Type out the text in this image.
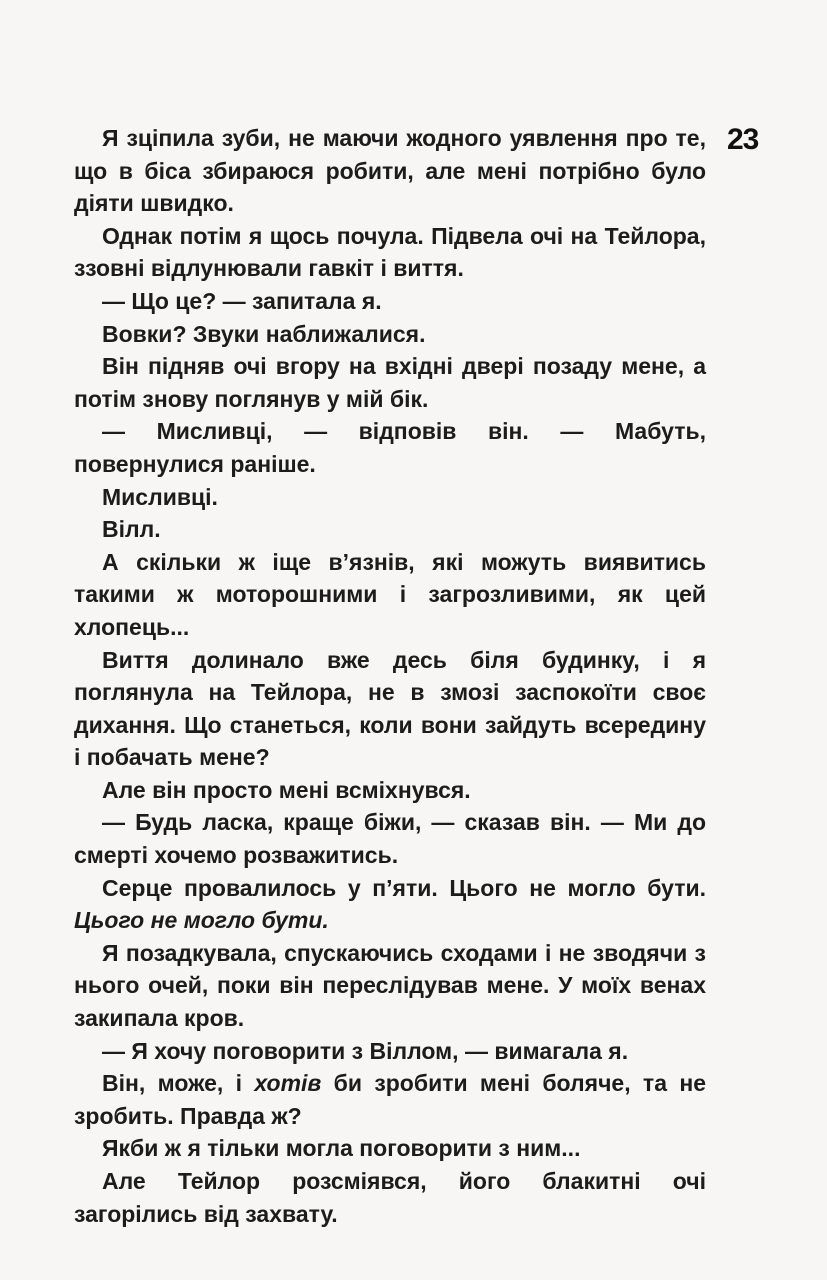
23

Я зціпила зуби, не маючи жодного уявлення про те, що в біса збираюся робити, але мені потрібно було діяти швидко.

Однак потім я щось почула. Підвела очі на Тейлора, ззовні відлунювали гавкіт і виття.

— Що це? — запитала я.

Вовки? Звуки наближалися.

Він підняв очі вгору на вхідні двері позаду мене, а потім знову поглянув у мій бік.

— Мисливці, — відповів він. — Мабуть, повернулися раніше.

Мисливці.

Вілл.

А скільки ж іще в’язнів, які можуть виявитись такими ж моторошними і загрозливими, як цей хлопець...

Виття долинало вже десь біля будинку, і я поглянула на Тейлора, не в змозі заспокоїти своє дихання. Що станеться, коли вони зайдуть всередину і побачать мене?

Але він просто мені всміхнувся.

— Будь ласка, краще біжи, — сказав він. — Ми до смерті хочемо розважитись.

Серце провалилось у п’яти. Цього не могло бути. Цього не могло бути.

Я позадкувала, спускаючись сходами і не зводячи з нього очей, поки він переслідував мене. У моїх венах закипала кров.

— Я хочу поговорити з Віллом, — вимагала я.

Він, може, і хотів би зробити мені боляче, та не зробить. Правда ж?

Якби ж я тільки могла поговорити з ним...

Але Тейлор розсміявся, його блакитні очі загорілись від захвату.
